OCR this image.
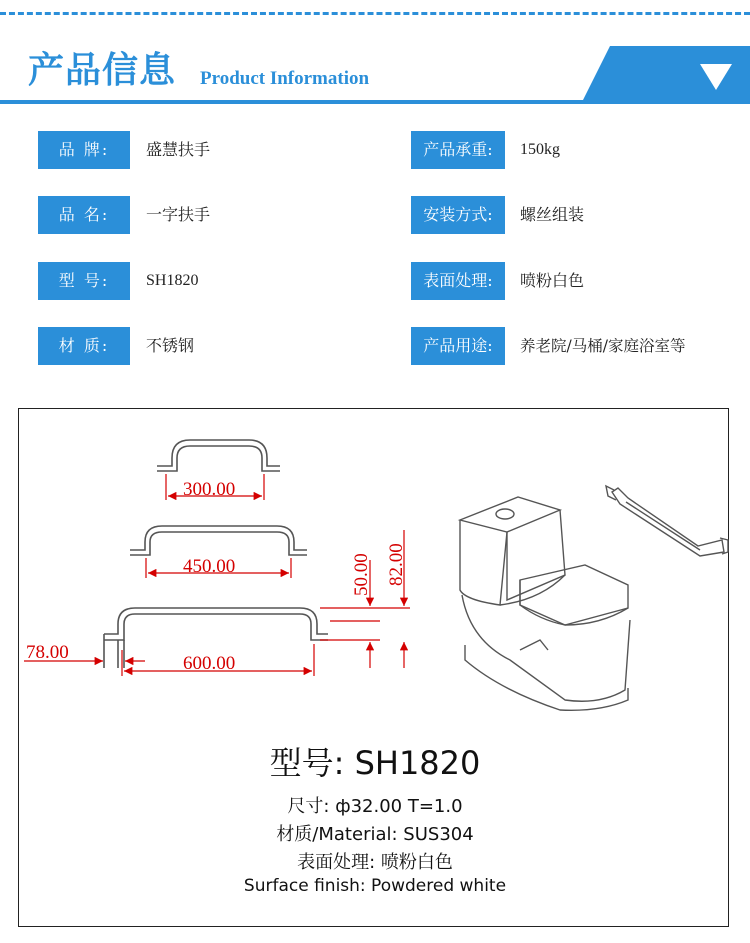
产品信息 Product Information
品 牌:	盛慧扶手
品 名:	一字扶手
型 号:	SH1820
材 质:	不锈钢
产品承重:	150kg
安装方式:	螺丝组装
表面处理:	喷粉白色
产品用途:	养老院/马桶/家庭浴室等
300.00
450.00
600.00
78.00
50.00 82.00
型号: SH1820
尺寸: ф32.00 T=1.0
材质/Material: SUS304
表面处理: 喷粉白色
Surface finish: Powdered white
